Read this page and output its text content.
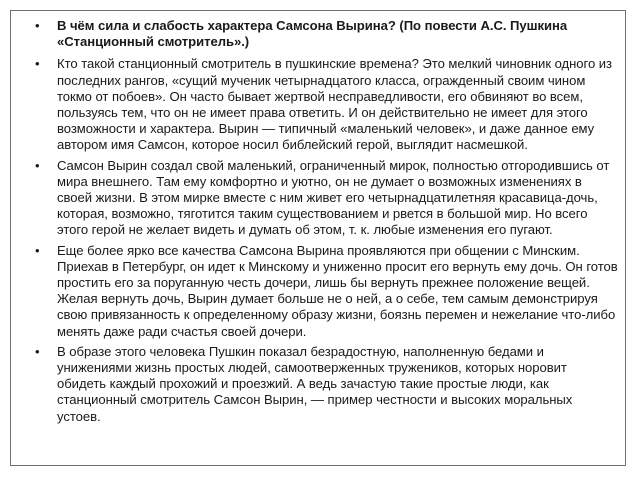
• В чём сила и слабость характера Самсона Вырина? (По повести А.С. Пушкина «Станционный смотритель».)
• Кто такой станционный смотритель в пушкинские времена? Это мелкий чиновник одного из последних рангов, «сущий мученик четырнадцатого класса, огражденный своим чином токмо от побоев». Он часто бывает жертвой несправедливости, его обвиняют во всем, пользуясь тем, что он не имеет права ответить. И он действительно не имеет для этого возможности и характера. Вырин — типичный «маленький человек», и даже данное ему автором имя Самсон, которое носил библейский герой, выглядит насмешкой.
• Самсон Вырин создал свой маленький, ограниченный мирок, полностью отгородившись от мира внешнего. Там ему комфортно и уютно, он не думает о возможных изменениях в своей жизни. В этом мирке вместе с ним живет его четырнадцатилетняя красавица-дочь, которая, возможно, тяготится таким существованием и рвется в большой мир. Но всего этого герой не желает видеть и думать об этом, т. к. любые изменения его пугают.
• Еще более ярко все качества Самсона Вырина проявляются при общении с Минским. Приехав в Петербург, он идет к Минскому и униженно просит его вернуть ему дочь. Он готов простить его за поруганную честь дочери, лишь бы вернуть прежнее положение вещей. Желая вернуть дочь, Вырин думает больше не о ней, а о себе, тем самым демонстрируя свою привязанность к определенному образу жизни, боязнь перемен и нежелание что-либо менять даже ради счастья своей дочери.
• В образе этого человека Пушкин показал безрадостную, наполненную бедами и унижениями жизнь простых людей, самоотверженных тружеников, которых норовит обидеть каждый прохожий и проезжий. А ведь зачастую такие простые люди, как станционный смотритель Самсон Вырин, — пример честности и высоких моральных устоев.
